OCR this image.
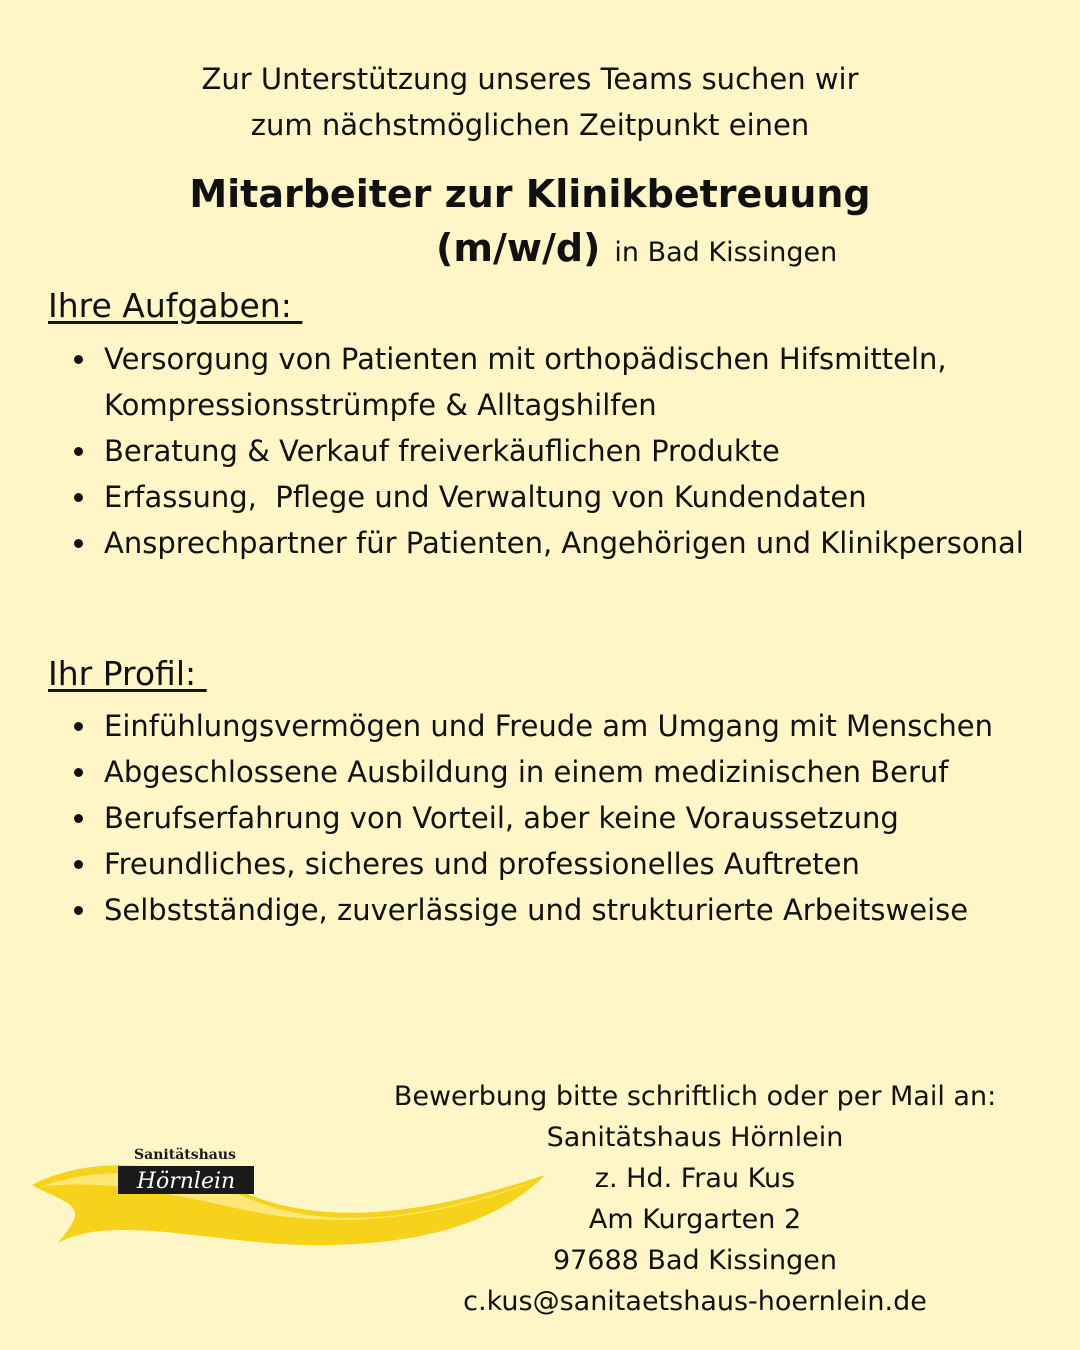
Zur Unterstützung unseres Teams suchen wir
zum nächstmöglichen Zeitpunkt einen
Mitarbeiter zur Klinikbetreuung
(m/w/d) in Bad Kissingen
Ihre Aufgaben:
Versorgung von Patienten mit orthopädischen Hifsmitteln, Kompressionsstrümpfe & Alltagshilfen
Beratung & Verkauf freiverkäuflichen Produkte
Erfassung,  Pflege und Verwaltung von Kundendaten
Ansprechpartner für Patienten, Angehörigen und Klinikpersonal
Ihr Profil:
Einfühlungsvermögen und Freude am Umgang mit Menschen
Abgeschlossene Ausbildung in einem medizinischen Beruf
Berufserfahrung von Vorteil, aber keine Voraussetzung
Freundliches, sicheres und professionelles Auftreten
Selbstständige, zuverlässige und strukturierte Arbeitsweise
Sanitätshaus
Hörnlein
Bewerbung bitte schriftlich oder per Mail an:
Sanitätshaus Hörnlein
z. Hd. Frau Kus
Am Kurgarten 2
97688 Bad Kissingen
c.kus@sanitaetshaus-hoernlein.de
